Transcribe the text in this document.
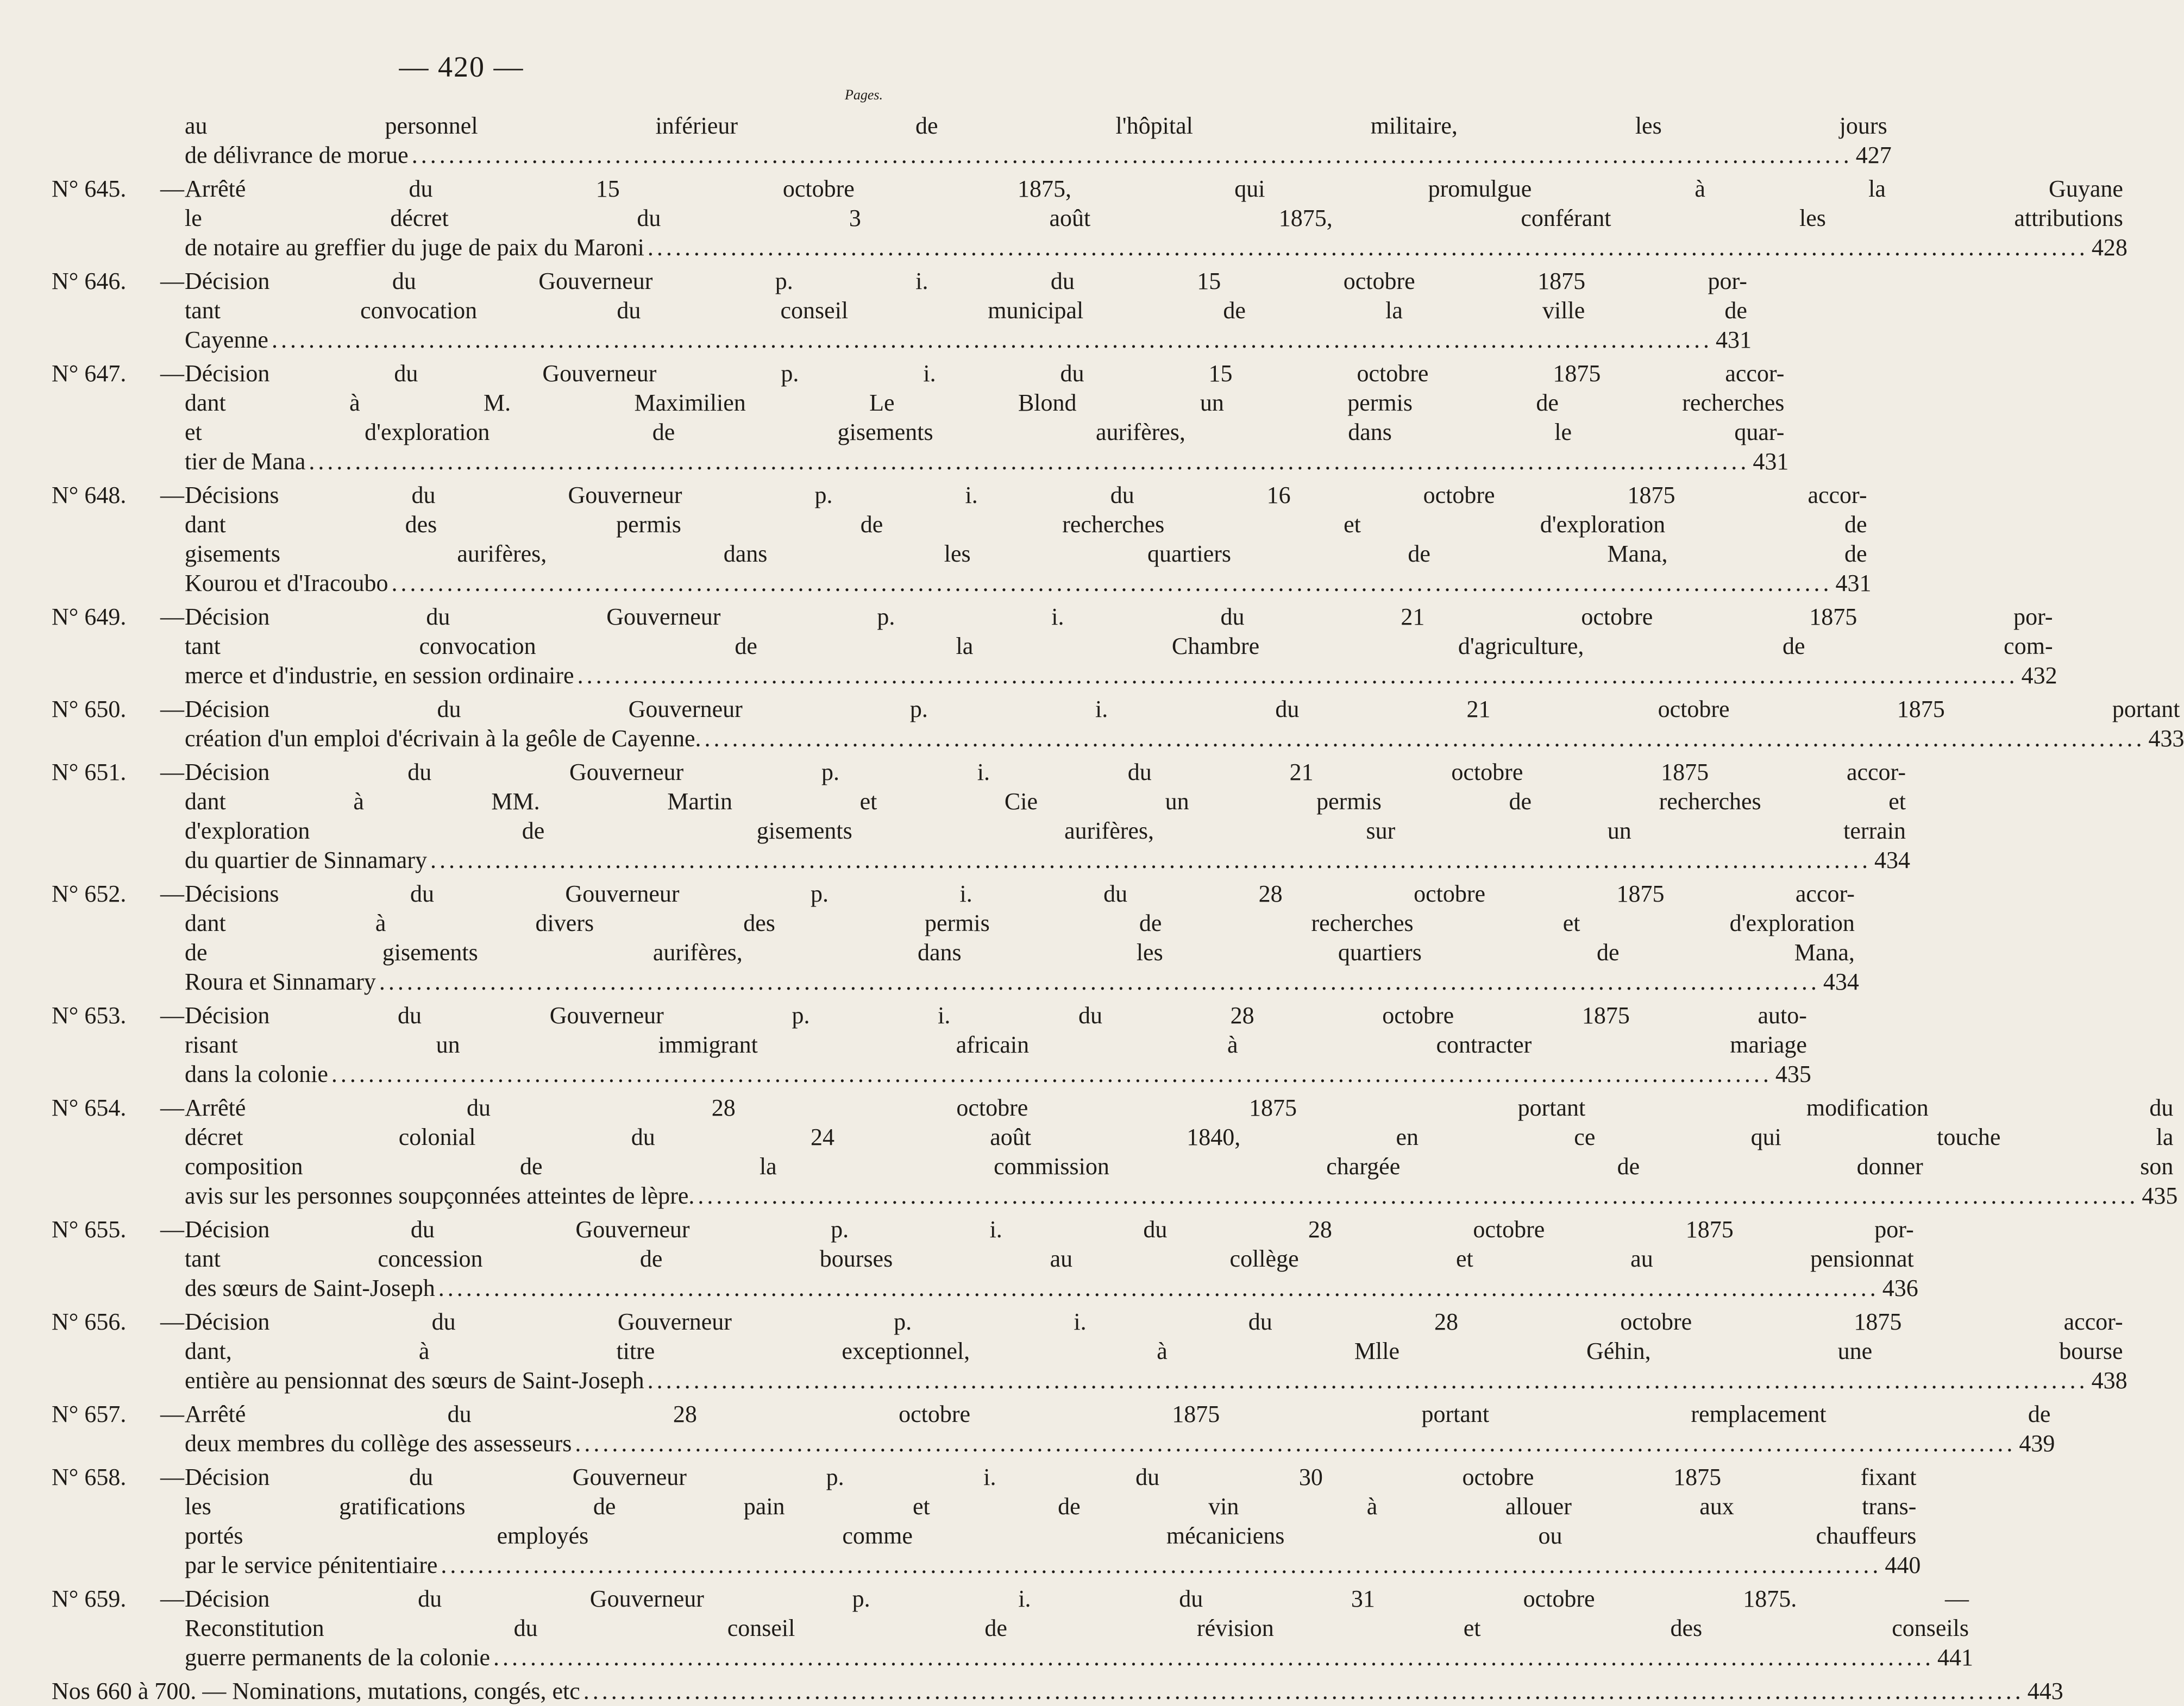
— 420 —
Pages.
au personnel inférieur de l'hôpital militaire, les jours
de délivrance de morue ............................................................................................................................................................ 427
N° 645.	— Arrêté du 15 octobre 1875, qui promulgue à la Guyane
le décret du 3 août 1875, conférant les attributions
de notaire au greffier du juge de paix du Maroni ............................................................................................................................................................ 428
N° 646.	— Décision du Gouverneur p. i. du 15 octobre 1875 por-
tant convocation du conseil municipal de la ville de
Cayenne ............................................................................................................................................................ 431
N° 647.	— Décision du Gouverneur p. i. du 15 octobre 1875 accor-
dant à M. Maximilien Le Blond un permis de recherches
et d'exploration de gisements aurifères, dans le quar-
tier de Mana ............................................................................................................................................................ 431
N° 648.	— Décisions du Gouverneur p. i. du 16 octobre 1875 accor-
dant des permis de recherches et d'exploration de
gisements aurifères, dans les quartiers de Mana, de
Kourou et d'Iracoubo ............................................................................................................................................................ 431
N° 649.	— Décision du Gouverneur p. i. du 21 octobre 1875 por-
tant convocation de la Chambre d'agriculture, de com-
merce et d'industrie, en session ordinaire ............................................................................................................................................................ 432
N° 650.	— Décision du Gouverneur p. i. du 21 octobre 1875 portant
création d'un emploi d'écrivain à la geôle de Cayenne. ............................................................................................................................................................ 433
N° 651.	— Décision du Gouverneur p. i. du 21 octobre 1875 accor-
dant à MM. Martin et Cie un permis de recherches et
d'exploration de gisements aurifères, sur un terrain
du quartier de Sinnamary ............................................................................................................................................................ 434
N° 652.	— Décisions du Gouverneur p. i. du 28 octobre 1875 accor-
dant à divers des permis de recherches et d'exploration
de gisements aurifères, dans les quartiers de Mana,
Roura et Sinnamary ............................................................................................................................................................ 434
N° 653.	— Décision du Gouverneur p. i. du 28 octobre 1875 auto-
risant un immigrant africain à contracter mariage
dans la colonie ............................................................................................................................................................ 435
N° 654.	— Arrêté du 28 octobre 1875 portant modification du
décret colonial du 24 août 1840, en ce qui touche la
composition de la commission chargée de donner son
avis sur les personnes soupçonnées atteintes de lèpre. ............................................................................................................................................................ 435
N° 655.	— Décision du Gouverneur p. i. du 28 octobre 1875 por-
tant concession de bourses au collège et au pensionnat
des sœurs de Saint-Joseph ............................................................................................................................................................ 436
N° 656.	— Décision du Gouverneur p. i. du 28 octobre 1875 accor-
dant, à titre exceptionnel, à Mlle Géhin, une bourse
entière au pensionnat des sœurs de Saint-Joseph ............................................................................................................................................................ 438
N° 657.	— Arrêté du 28 octobre 1875 portant remplacement de
deux membres du collège des assesseurs ............................................................................................................................................................ 439
N° 658.	— Décision du Gouverneur p. i. du 30 octobre 1875 fixant
les gratifications de pain et de vin à allouer aux trans-
portés employés comme mécaniciens ou chauffeurs
par le service pénitentiaire ............................................................................................................................................................ 440
N° 659.	— Décision du Gouverneur p. i. du 31 octobre 1875. —
Reconstitution du conseil de révision et des conseils
guerre permanents de la colonie ............................................................................................................................................................ 441
Nos 660 à 700. — Nominations, mutations, congés, etc ............................................................................................................................................................ 443
